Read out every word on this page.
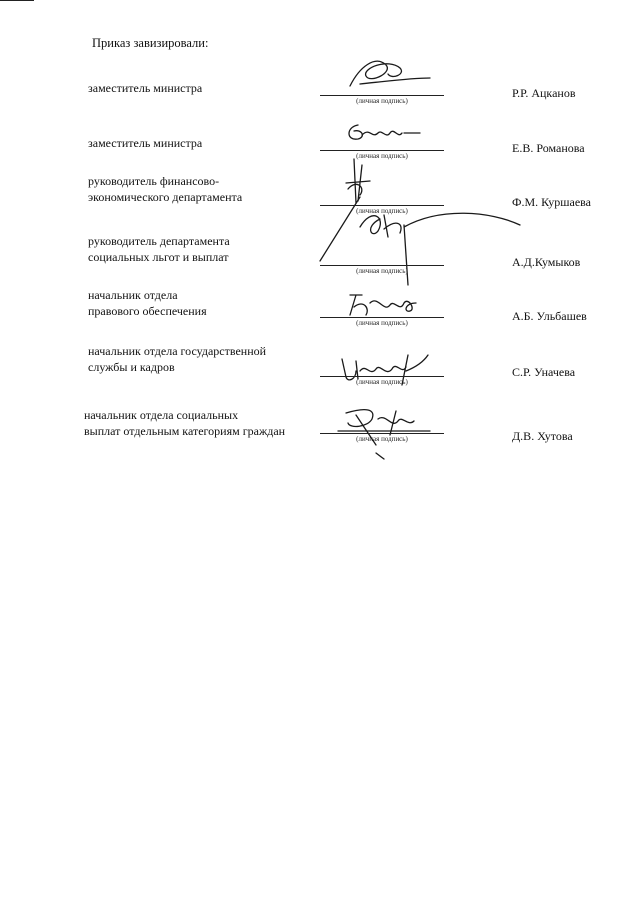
Приказ завизировали:
заместитель министра
(личная подпись)
Р.Р. Ацканов
заместитель министра
(личная подпись)
Е.В. Романова
руководитель финансово-
экономического департамента
(личная подпись)
Ф.М. Куршаева
руководитель департамента
социальных льгот и выплат
(личная подпись)
А.Д.Кумыков
начальник отдела
правового обеспечения
(личная подпись)	А.Б. Ульбашев
начальник отдела государственной
службы и кадров
(личная подпись)
С.Р. Уначева
начальник отдела социальных
выплат отдельным категориям граждан
(личная подпись)	Д.В. Хутова
